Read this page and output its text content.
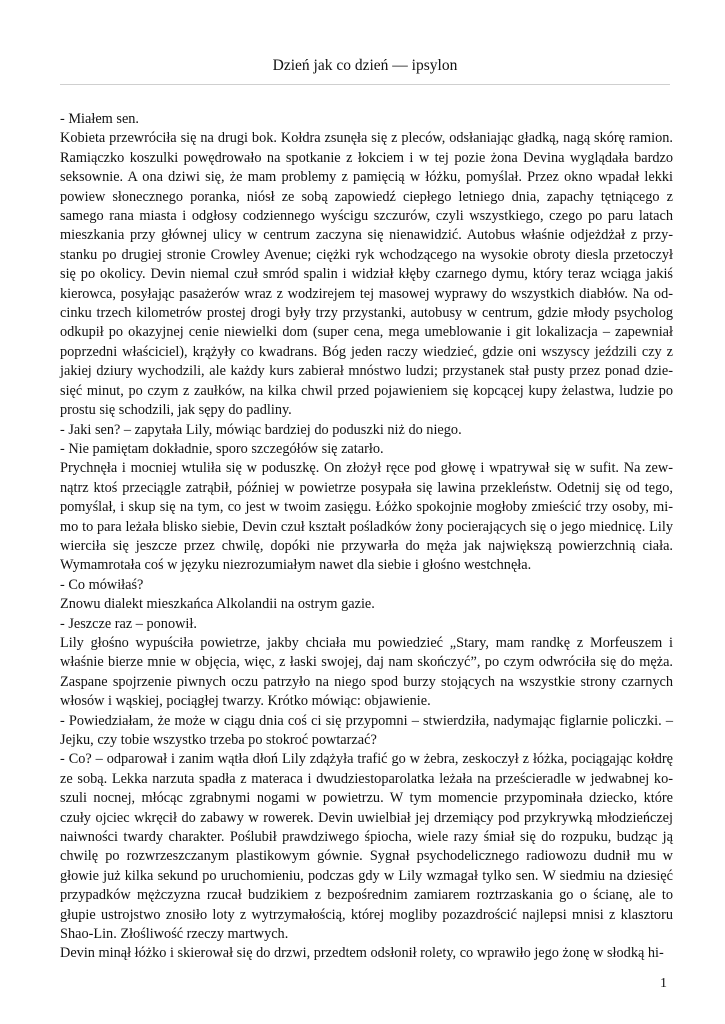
Dzień jak co dzień — ipsylon

- Miałem sen.

Kobieta przewróciła się na drugi bok. Kołdra zsunęła się z pleców, odsłaniając gładką, nagą skórę ramion. Ramiączko koszulki powędrowało na spotkanie z łokciem i w tej pozie żona Devina wyglądała bardzo seksownie. A ona dziwi się, że mam problemy z pamięcią w łóżku, pomyślał. Przez okno wpadał lekki powiew słonecznego poranka, niósł ze sobą zapowiedź ciepłego letniego dnia, zapachy tętniącego z samego rana miasta i odgłosy codziennego wyścigu szczurów, czyli wszystkiego, czego po paru latach mieszkania przy głównej ulicy w centrum zaczyna się nienawidzić. Autobus właśnie odjeżdżał z przystanku po drugiej stronie Crowley Avenue; ciężki ryk wchodzącego na wysokie obroty diesla przetoczył się po okolicy. Devin niemal czuł smród spalin i widział kłęby czarnego dymu, który teraz wciąga jakiś kierowca, posyłając pasażerów wraz z wodzirejem tej masowej wyprawy do wszystkich diabłów. Na odcinku trzech kilometrów prostej drogi były trzy przystanki, autobusy w centrum, gdzie młody psycholog odkupił po okazyjnej cenie niewielki dom (super cena, mega umeblowanie i git lokalizacja – zapewniał poprzedni właściciel), krążyły co kwadrans. Bóg jeden raczy wiedzieć, gdzie oni wszyscy jeździli czy z jakiej dziury wychodzili, ale każdy kurs zabierał mnóstwo ludzi; przystanek stał pusty przez ponad dziesięć minut, po czym z zaułków, na kilka chwil przed pojawieniem się kopcącej kupy żelastwa, ludzie po prostu się schodzili, jak sępy do padliny.

- Jaki sen? – zapytała Lily, mówiąc bardziej do poduszki niż do niego.

- Nie pamiętam dokładnie, sporo szczegółów się zatarło.

Prychnęła i mocniej wtuliła się w poduszkę. On złożył ręce pod głowę i wpatrywał się w sufit. Na zewnątrz ktoś przeciągle zatrąbił, później w powietrze posypała się lawina przekleństw. Odetnij się od tego, pomyślał, i skup się na tym, co jest w twoim zasięgu. Łóżko spokojnie mogłoby zmieścić trzy osoby, mimo to para leżała blisko siebie, Devin czuł kształt pośladków żony pocierających się o jego miednicę. Lily wierciła się jeszcze przez chwilę, dopóki nie przywarła do męża jak największą powierzchnią ciała. Wymamrotała coś w języku niezrozumiałym nawet dla siebie i głośno westchnęła.

- Co mówiłaś?

Znowu dialekt mieszkańca Alkolandii na ostrym gazie.

- Jeszcze raz – ponowił.

Lily głośno wypuściła powietrze, jakby chciała mu powiedzieć „Stary, mam randkę z Morfeuszem i właśnie bierze mnie w objęcia, więc, z łaski swojej, daj nam skończyć”, po czym odwróciła się do męża. Zaspane spojrzenie piwnych oczu patrzyło na niego spod burzy stojących na wszystkie strony czarnych włosów i wąskiej, pociągłej twarzy. Krótko mówiąc: objawienie.

- Powiedziałam, że może w ciągu dnia coś ci się przypomni – stwierdziła, nadymając figlarnie policzki. – Jejku, czy tobie wszystko trzeba po stokroć powtarzać?

- Co? – odparował i zanim wątła dłoń Lily zdążyła trafić go w żebra, zeskoczył z łóżka, pociągając kołdrę ze sobą. Lekka narzuta spadła z materaca i dwudziestoparolatka leżała na prześcieradle w jedwabnej koszuli nocnej, młócąc zgrabnymi nogami w powietrzu. W tym momencie przypominała dziecko, które czuły ojciec wkręcił do zabawy w rowerek. Devin uwielbiał jej drzemiący pod przykrywką młodzieńczej naiwności twardy charakter. Poślubił prawdziwego śpiocha, wiele razy śmiał się do rozpuku, budząc ją chwilę po rozwrzeszczanym plastikowym gównie. Sygnał psychodelicznego radiowozu dudnił mu w głowie już kilka sekund po uruchomieniu, podczas gdy w Lily wzmagał tylko sen. W siedmiu na dziesięć przypadków mężczyzna rzucał budzikiem z bezpośrednim zamiarem roztrzaskania go o ścianę, ale to głupie ustrojstwo znosiło loty z wytrzymałością, której mogliby pozazdrościć najlepsi mnisi z klasztoru Shao-Lin. Złośliwość rzeczy martwych.

Devin minął łóżko i skierował się do drzwi, przedtem odsłonił rolety, co wprawiło jego żonę w słodką hi-

1
